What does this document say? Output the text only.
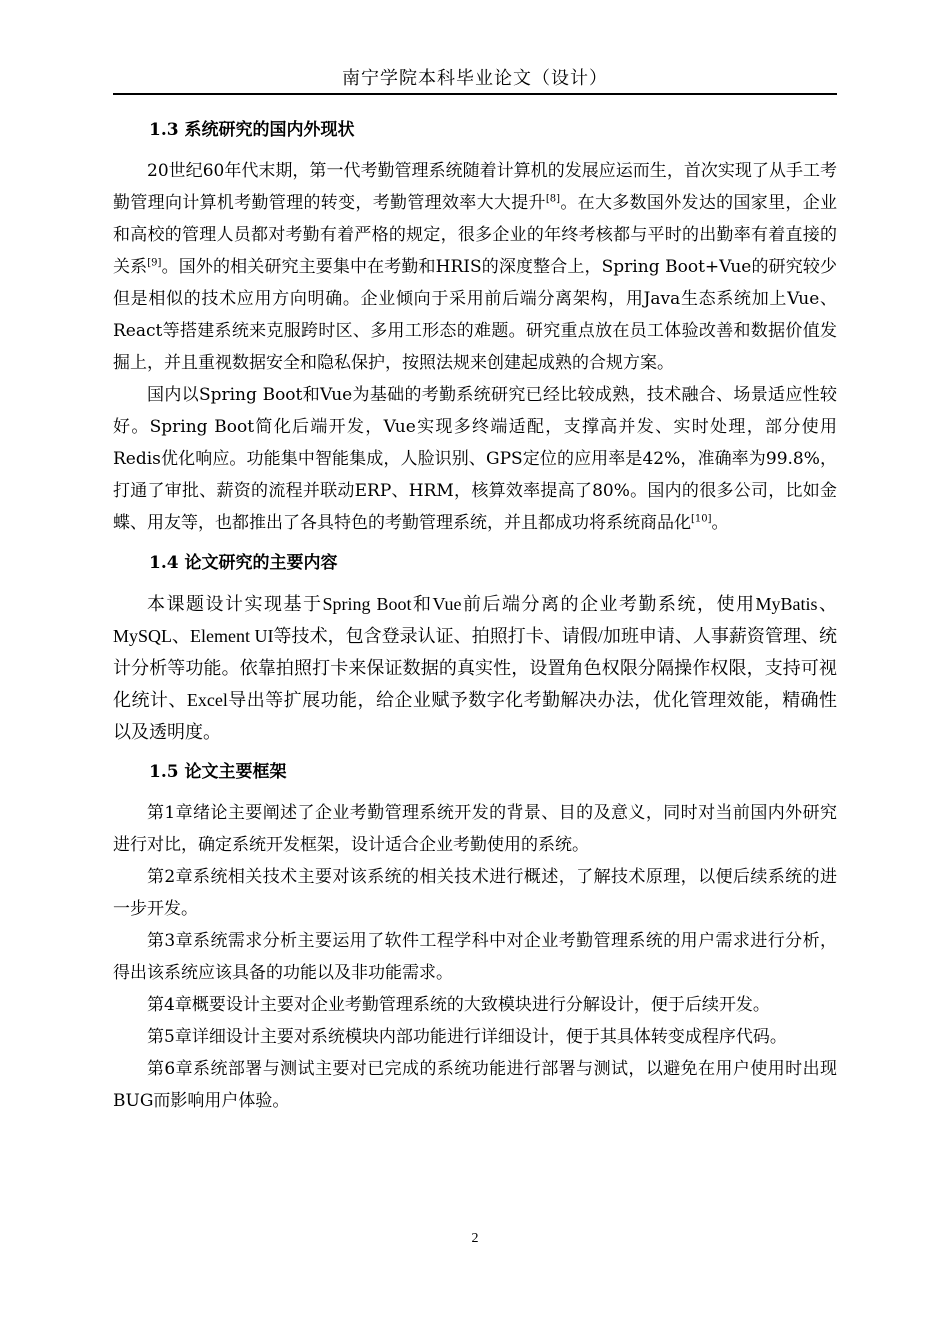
南宁学院本科毕业论文（设计）
1.3 系统研究的国内外现状

20世纪60年代末期，第一代考勤管理系统随着计算机的发展应运而生，首次实现了从手工考勤管理向计算机考勤管理的转变，考勤管理效率大大提升[8]。在大多数国外发达的国家里，企业和高校的管理人员都对考勤有着严格的规定，很多企业的年终考核都与平时的出勤率有着直接的关系[9]。国外的相关研究主要集中在考勤和HRIS的深度整合上，Spring Boot+Vue的研究较少但是相似的技术应用方向明确。企业倾向于采用前后端分离架构，用Java生态系统加上Vue、React等搭建系统来克服跨时区、多用工形态的难题。研究重点放在员工体验改善和数据价值发掘上，并且重视数据安全和隐私保护，按照法规来创建起成熟的合规方案。

国内以Spring Boot和Vue为基础的考勤系统研究已经比较成熟，技术融合、场景适应性较好。Spring Boot简化后端开发，Vue实现多终端适配，支撑高并发、实时处理，部分使用Redis优化响应。功能集中智能集成，人脸识别、GPS定位的应用率是42%，准确率为99.8%，打通了审批、薪资的流程并联动ERP、HRM，核算效率提高了80%。国内的很多公司，比如金蝶、用友等，也都推出了各具特色的考勤管理系统，并且都成功将系统商品化[10]。

1.4 论文研究的主要内容

本课题设计实现基于Spring Boot和Vue前后端分离的企业考勤系统，使用MyBatis、MySQL、Element UI等技术，包含登录认证、拍照打卡、请假/加班申请、人事薪资管理、统计分析等功能。依靠拍照打卡来保证数据的真实性，设置角色权限分隔操作权限，支持可视化统计、Excel导出等扩展功能，给企业赋予数字化考勤解决办法，优化管理效能，精确性以及透明度。

1.5 论文主要框架

第1章绪论主要阐述了企业考勤管理系统开发的背景、目的及意义，同时对当前国内外研究进行对比，确定系统开发框架，设计适合企业考勤使用的系统。

第2章系统相关技术主要对该系统的相关技术进行概述，了解技术原理，以便后续系统的进一步开发。

第3章系统需求分析主要运用了软件工程学科中对企业考勤管理系统的用户需求进行分析，得出该系统应该具备的功能以及非功能需求。

第4章概要设计主要对企业考勤管理系统的大致模块进行分解设计，便于后续开发。

第5章详细设计主要对系统模块内部功能进行详细设计，便于其具体转变成程序代码。

第6章系统部署与测试主要对已完成的系统功能进行部署与测试，以避免在用户使用时出现BUG而影响用户体验。

2
